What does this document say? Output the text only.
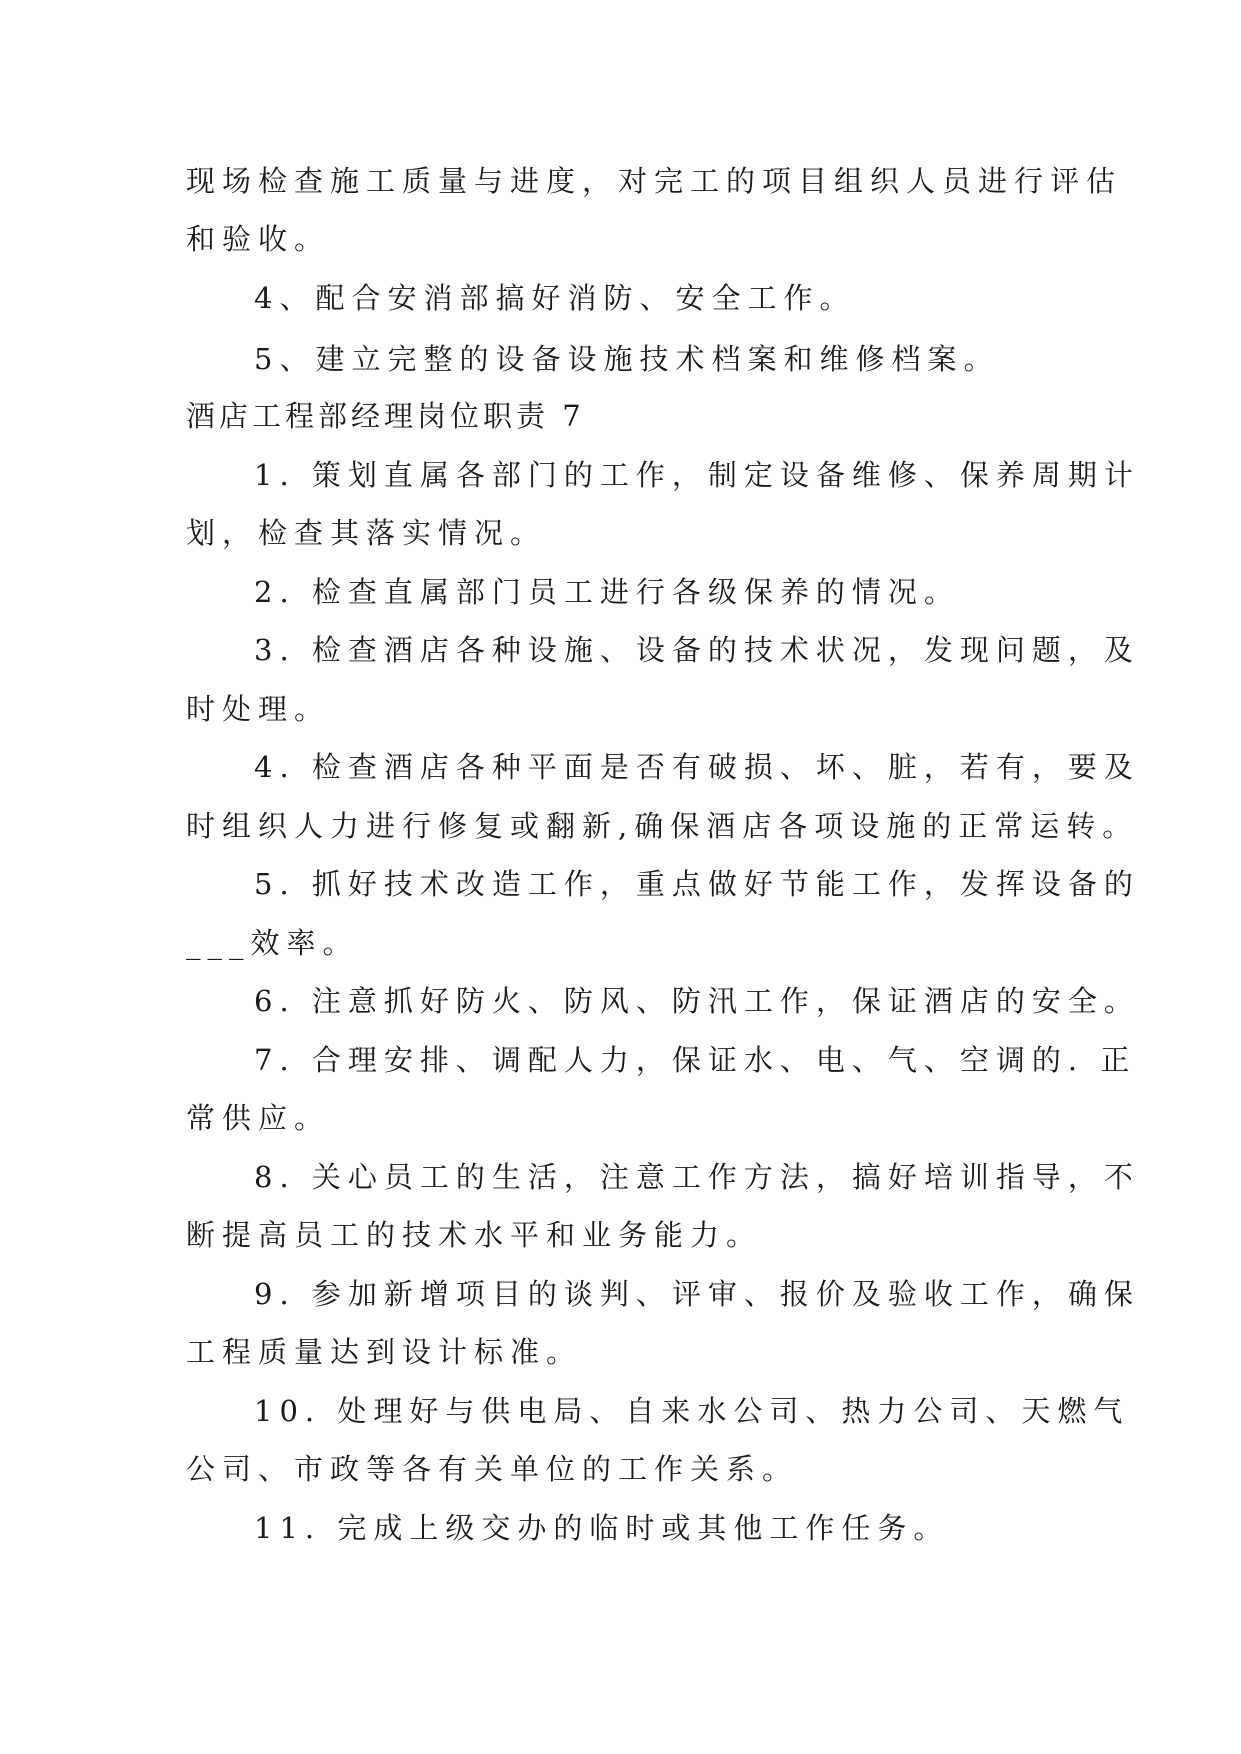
现场检查施工质量与进度，对完工的项目组织人员进行评估
和验收。
4、配合安消部搞好消防、安全工作。
5、建立完整的设备设施技术档案和维修档案。
酒店工程部经理岗位职责 7
1. 策划直属各部门的工作，制定设备维修、保养周期计
划，检查其落实情况。
2. 检查直属部门员工进行各级保养的情况。
3. 检查酒店各种设施、设备的技术状况，发现问题，及
时处理。
4. 检查酒店各种平面是否有破损、坏、脏，若有，要及
时组织人力进行修复或翻新,确保酒店各项设施的正常运转。
5. 抓好技术改造工作，重点做好节能工作，发挥设备的
___效率。
6. 注意抓好防火、防风、防汛工作，保证酒店的安全。
7. 合理安排、调配人力，保证水、电、气、空调的. 正
常供应。
8. 关心员工的生活，注意工作方法，搞好培训指导，不
断提高员工的技术水平和业务能力。
9. 参加新增项目的谈判、评审、报价及验收工作，确保
工程质量达到设计标准。
10. 处理好与供电局、自来水公司、热力公司、天燃气
公司、市政等各有关单位的工作关系。
11. 完成上级交办的临时或其他工作任务。
